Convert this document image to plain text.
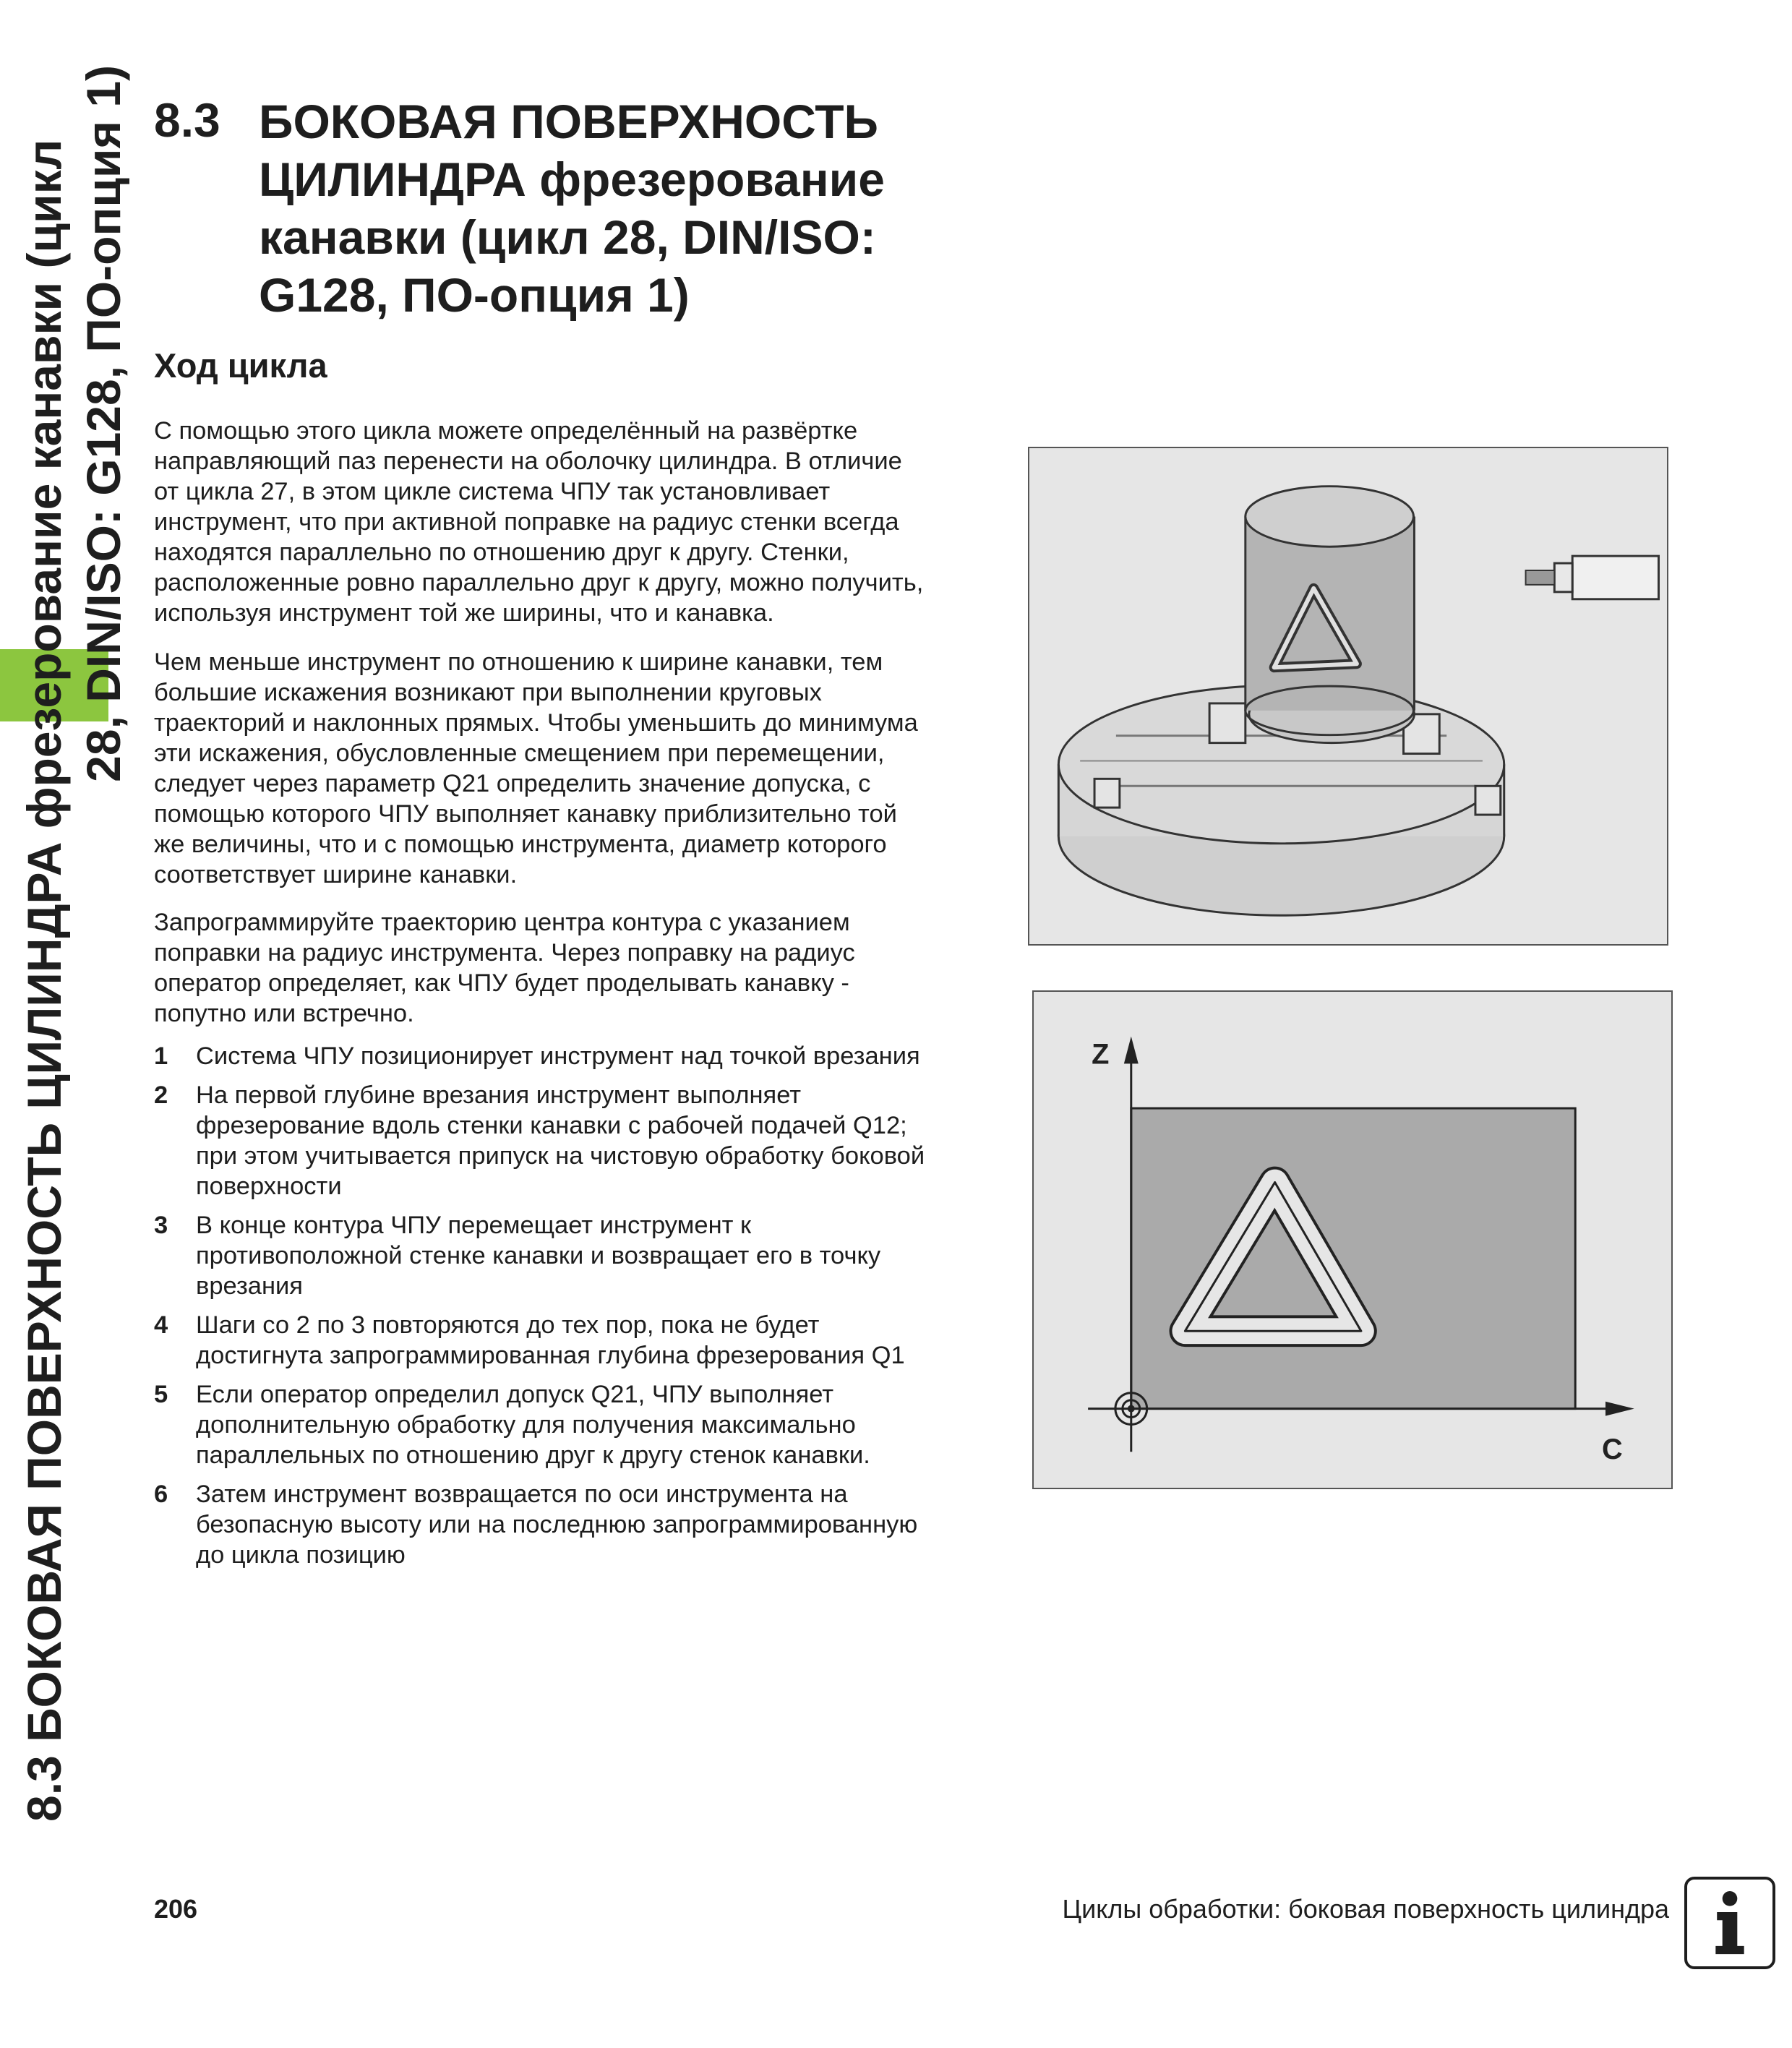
8.3 БОКОВАЯ ПОВЕРХНОСТЬ ЦИЛИНДРА фрезерование канавки (цикл 28, DIN/ISO: G128, ПО-опция 1) 8.3 БОКОВАЯ ПОВЕРХНОСТЬ
ЦИЛИНДРА фрезерование
канавки (цикл 28, DIN/ISO:
G128, ПО-опция 1)
Ход цикла
С помощью этого цикла можете определённый на развёртке
направляющий паз перенести на оболочку цилиндра. В отличие
от цикла 27, в этом цикле система ЧПУ так установливает
инструмент, что при активной поправке на радиус стенки всегда
находятся параллельно по отношению друг к другу. Стенки,
расположенные ровно параллельно друг к другу, можно получить,
используя инструмент той же ширины, что и канавка.
Чем меньше инструмент по отношению к ширине канавки, тем
большие искажения возникают при выполнении круговых
траекторий и наклонных прямых. Чтобы уменьшить до минимума
эти искажения, обусловленные смещением при перемещении,
следует через параметр Q21 определить значение допуска, с
помощью которого ЧПУ выполняет канавку приблизительно той
же величины, что и с помощью инструмента, диаметр которого
соответствует ширине канавки.
Запрограммируйте траекторию центра контура с указанием
поправки на радиус инструмента. Через поправку на радиус
оператор определяет, как ЧПУ будет проделывать канавку -
попутно или встречно.
1	Система ЧПУ позиционирует инструмент над точкой врезания
2	На первой глубине врезания инструмент выполняет
фрезерование вдоль стенки канавки с рабочей подачей Q12;
при этом учитывается припуск на чистовую обработку боковой
поверхности
3	В конце контура ЧПУ перемещает инструмент к
противоположной стенке канавки и возвращает его в точку
врезания
4	Шаги со 2 по 3 повторяются до тех пор, пока не будет
достигнута запрограммированная глубина фрезерования Q1
5	Если оператор определил допуск Q21, ЧПУ выполняет
дополнительную обработку для получения максимально
параллельных по отношению друг к другу стенок канавки.
6	Затем инструмент возвращается по оси инструмента на
безопасную высоту или на последнюю запрограммированную
до цикла позицию
Z
C
206	Циклы обработки: боковая поверхность цилиндра
